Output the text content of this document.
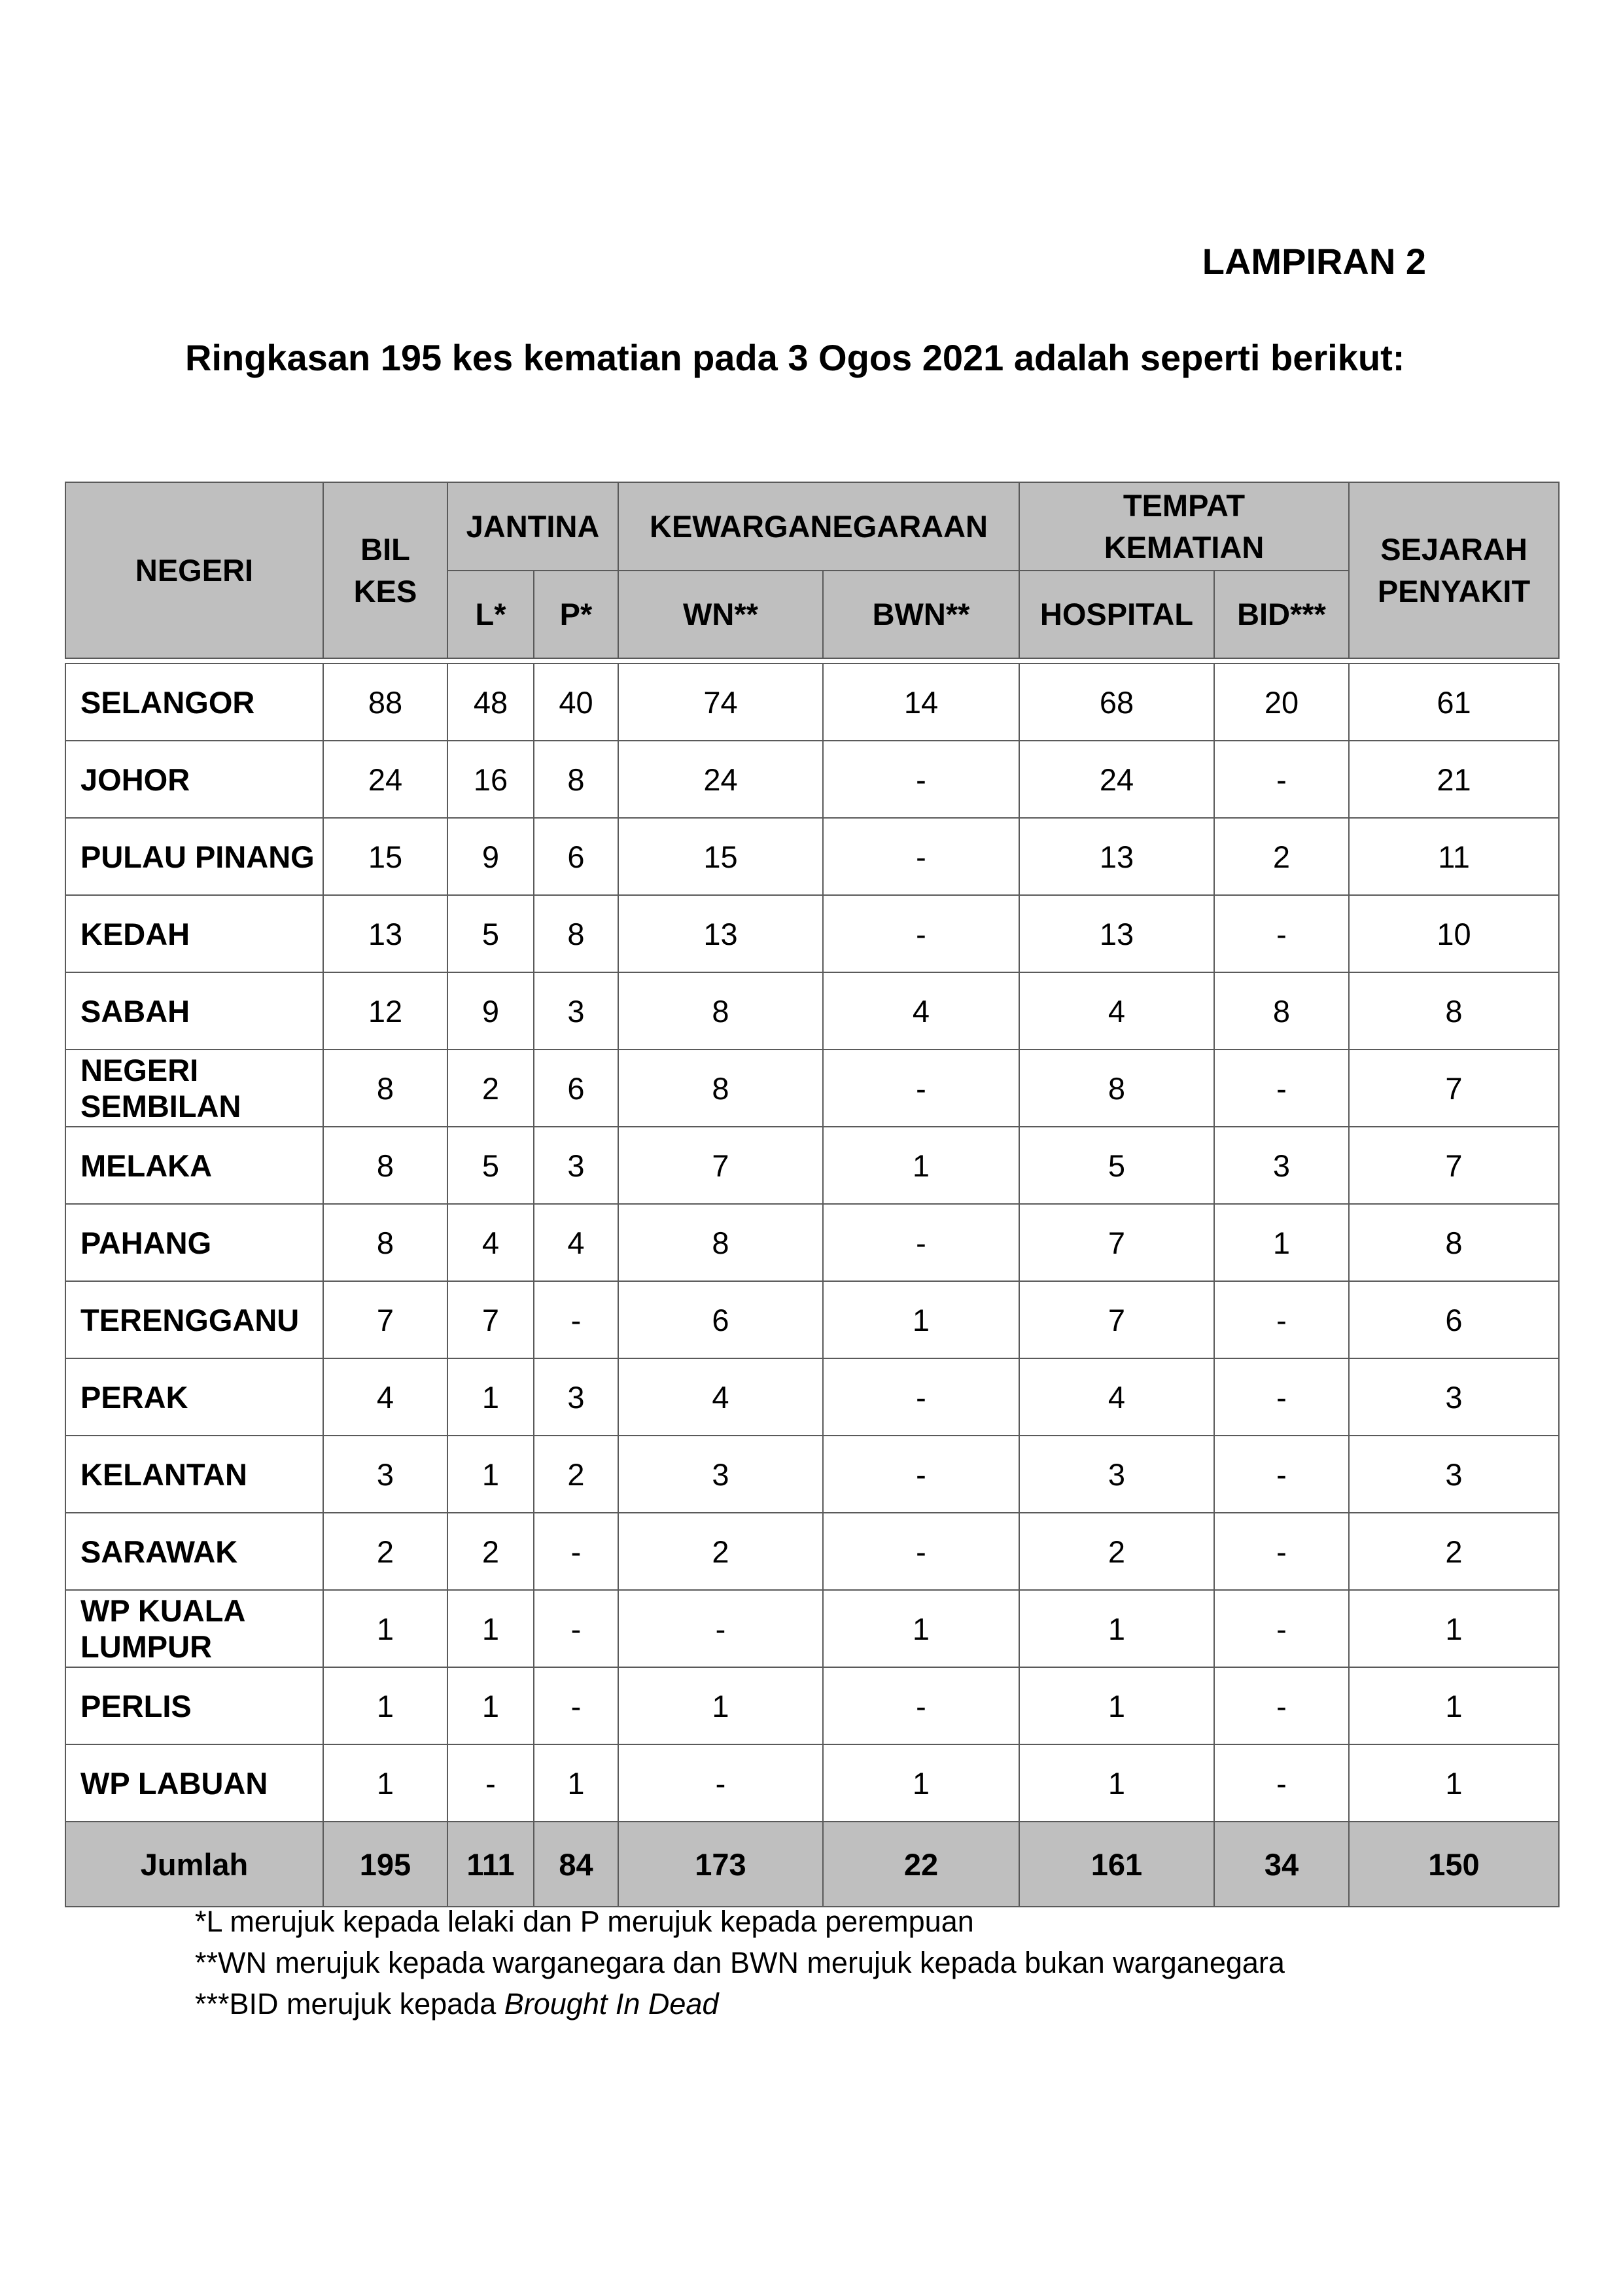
LAMPIRAN 2
Ringkasan 195 kes kematian pada 3 Ogos 2021 adalah seperti berikut:
NEGERI	BIL KES	JANTINA		KEWARGANEGARAAN		TEMPAT KEMATIAN		SEJARAH PENYAKIT
		L*	P*	WN**	BWN**	HOSPITAL	BID***	

SELANGOR	88	48	40	74	14	68	20	61
JOHOR	24	16	8	24	-	24	-	21
PULAU PINANG	15	9	6	15	-	13	2	11
KEDAH	13	5	8	13	-	13	-	10
SABAH	12	9	3	8	4	4	8	8
NEGERI SEMBILAN	8	2	6	8	-	8	-	7
MELAKA	8	5	3	7	1	5	3	7
PAHANG	8	4	4	8	-	7	1	8
TERENGGANU	7	7	-	6	1	7	-	6
PERAK	4	1	3	4	-	4	-	3
KELANTAN	3	1	2	3	-	3	-	3
SARAWAK	2	2	-	2	-	2	-	2
WP KUALA LUMPUR	1	1	-	-	1	1	-	1
PERLIS	1	1	-	1	-	1	-	1
WP LABUAN	1	-	1	-	1	1	-	1
Jumlah	195	111	84	173	22	161	34	150
*L merujuk kepada lelaki dan P merujuk kepada perempuan
**WN merujuk kepada warganegara dan BWN merujuk kepada bukan warganegara
***BID merujuk kepada Brought In Dead
